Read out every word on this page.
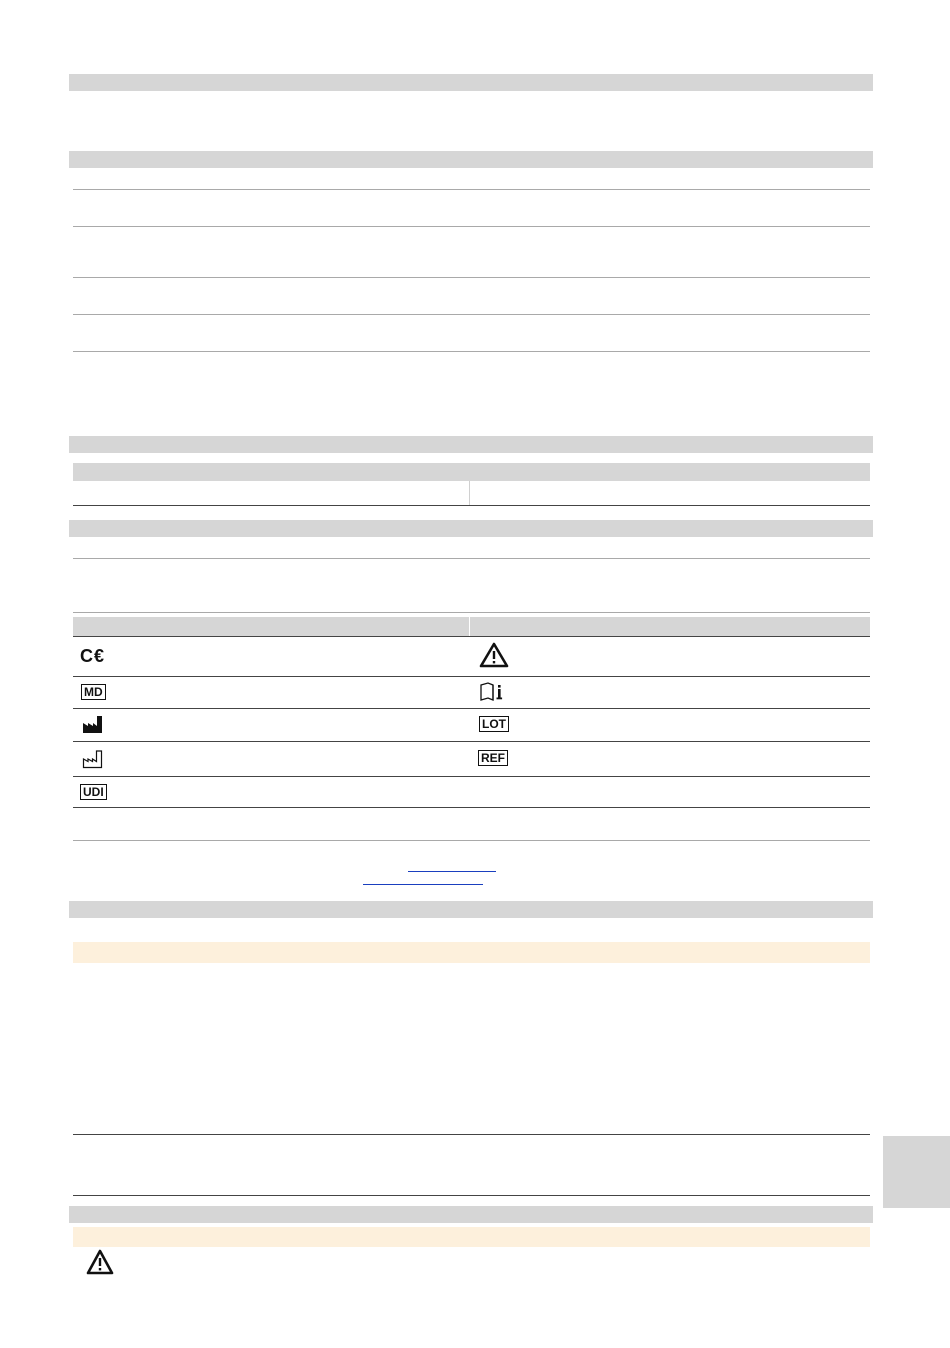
C€
MD
LOT
REF
UDI
